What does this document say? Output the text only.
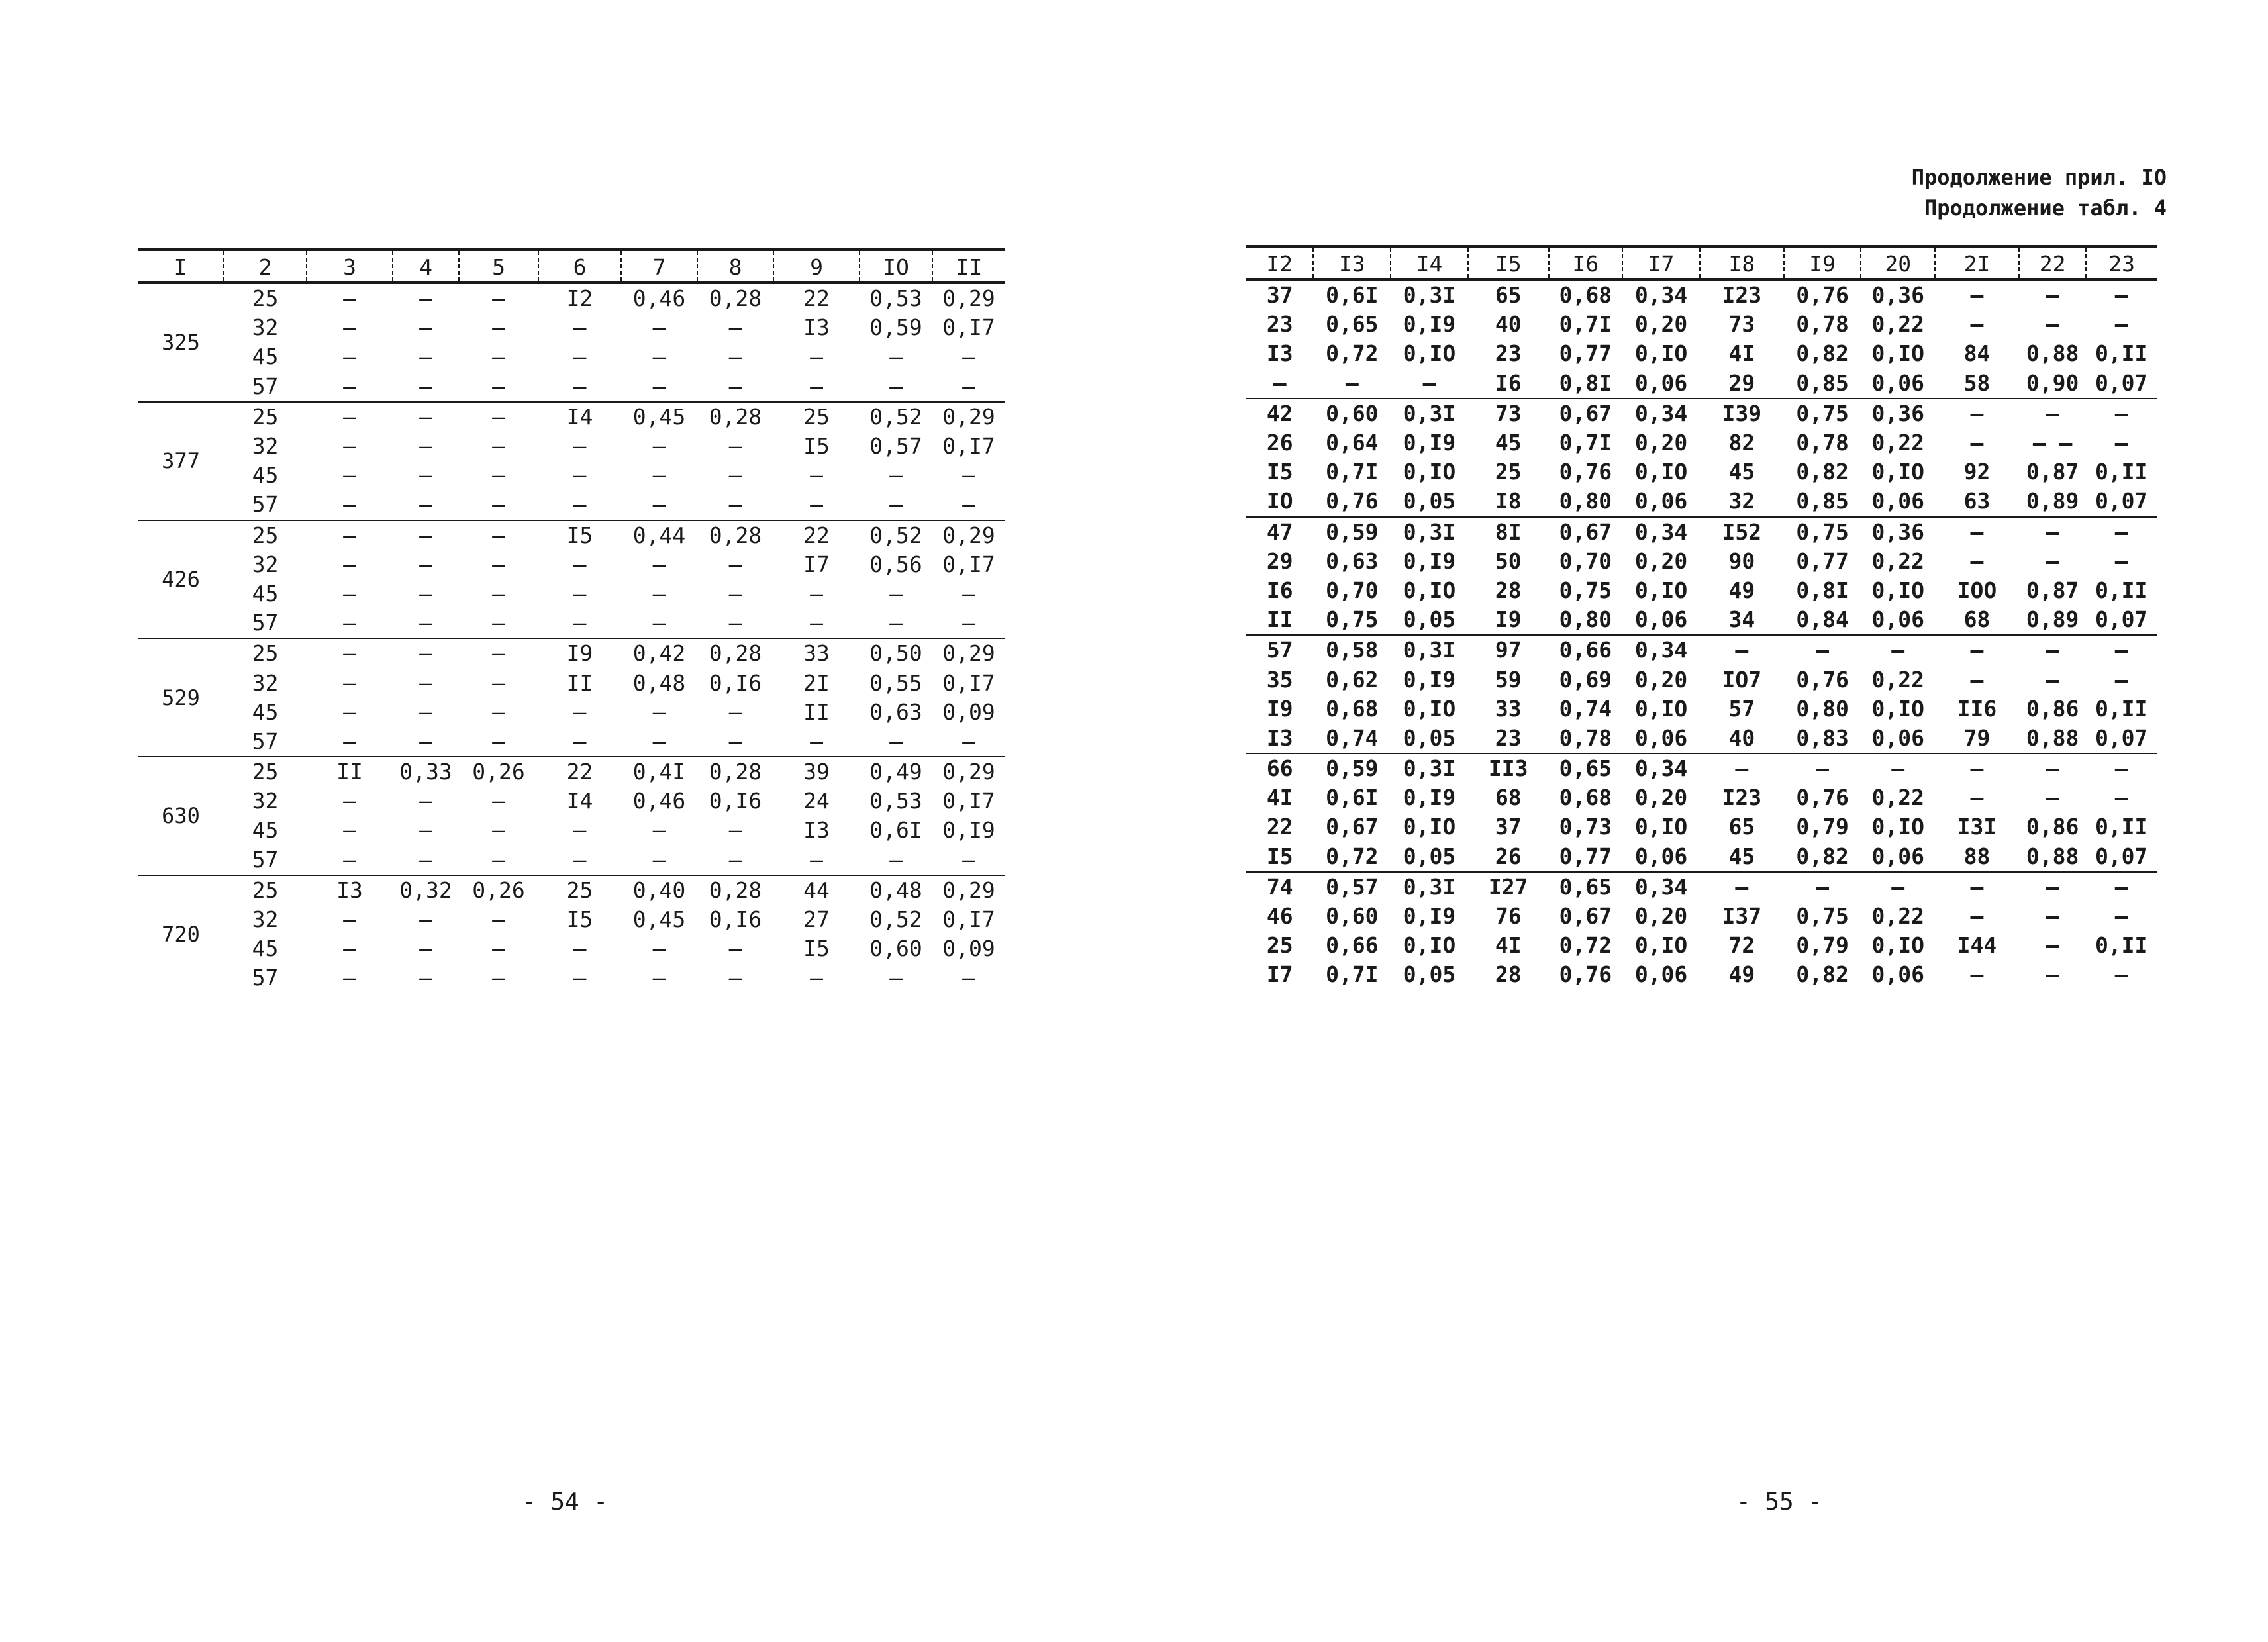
I	2	3	4	5	6	7	8	9	IO	II
325	25	–	–	–	I2	0,46	0,28	22	0,53	0,29
	32	–	–	–	–	–	–	I3	0,59	0,I7
	45	–	–	–	–	–	–	–	–	–
	57	–	–	–	–	–	–	–	–	–
377	25	–	–	–	I4	0,45	0,28	25	0,52	0,29
	32	–	–	–	–	–	–	I5	0,57	0,I7
	45	–	–	–	–	–	–	–	–	–
	57	–	–	–	–	–	–	–	–	–
426	25	–	–	–	I5	0,44	0,28	22	0,52	0,29
	32	–	–	–	–	–	–	I7	0,56	0,I7
	45	–	–	–	–	–	–	–	–	–
	57	–	–	–	–	–	–	–	–	–
529	25	–	–	–	I9	0,42	0,28	33	0,50	0,29
	32	–	–	–	II	0,48	0,I6	2I	0,55	0,I7
	45	–	–	–	–	–	–	II	0,63	0,09
	57	–	–	–	–	–	–	–	–	–
630	25	II	0,33	0,26	22	0,4I	0,28	39	0,49	0,29
	32	–	–	–	I4	0,46	0,I6	24	0,53	0,I7
	45	–	–	–	–	–	–	I3	0,6I	0,I9
	57	–	–	–	–	–	–	–	–	–
720	25	I3	0,32	0,26	25	0,40	0,28	44	0,48	0,29
	32	–	–	–	I5	0,45	0,I6	27	0,52	0,I7
	45	–	–	–	–	–	–	I5	0,60	0,09
	57	–	–	–	–	–	–	–	–	–
- 54 -
Продолжение прил. IO
Продолжение табл. 4
I2	I3	I4	I5	I6	I7	I8	I9	20	2I	22	23
37	0,6I	0,3I	65	0,68	0,34	I23	0,76	0,36	–	–	–
23	0,65	0,I9	40	0,7I	0,20	73	0,78	0,22	–	–	–
I3	0,72	0,IO	23	0,77	0,IO	4I	0,82	0,IO	84	0,88	0,II
–	–	–	I6	0,8I	0,06	29	0,85	0,06	58	0,90	0,07
42	0,60	0,3I	73	0,67	0,34	I39	0,75	0,36	–	–	–
26	0,64	0,I9	45	0,7I	0,20	82	0,78	0,22	–	– –	–
I5	0,7I	0,IO	25	0,76	0,IO	45	0,82	0,IO	92	0,87	0,II
IO	0,76	0,05	I8	0,80	0,06	32	0,85	0,06	63	0,89	0,07
47	0,59	0,3I	8I	0,67	0,34	I52	0,75	0,36	–	–	–
29	0,63	0,I9	50	0,70	0,20	90	0,77	0,22	–	–	–
I6	0,70	0,IO	28	0,75	0,IO	49	0,8I	0,IO	IOO	0,87	0,II
II	0,75	0,05	I9	0,80	0,06	34	0,84	0,06	68	0,89	0,07
57	0,58	0,3I	97	0,66	0,34	–	–	–	–	–	–
35	0,62	0,I9	59	0,69	0,20	IO7	0,76	0,22	–	–	–
I9	0,68	0,IO	33	0,74	0,IO	57	0,80	0,IO	II6	0,86	0,II
I3	0,74	0,05	23	0,78	0,06	40	0,83	0,06	79	0,88	0,07
66	0,59	0,3I	II3	0,65	0,34	–	–	–	–	–	–
4I	0,6I	0,I9	68	0,68	0,20	I23	0,76	0,22	–	–	–
22	0,67	0,IO	37	0,73	0,IO	65	0,79	0,IO	I3I	0,86	0,II
I5	0,72	0,05	26	0,77	0,06	45	0,82	0,06	88	0,88	0,07
74	0,57	0,3I	I27	0,65	0,34	–	–	–	–	–	–
46	0,60	0,I9	76	0,67	0,20	I37	0,75	0,22	–	–	–
25	0,66	0,IO	4I	0,72	0,IO	72	0,79	0,IO	I44	–	0,II
I7	0,7I	0,05	28	0,76	0,06	49	0,82	0,06	–	–	–
- 55 -
